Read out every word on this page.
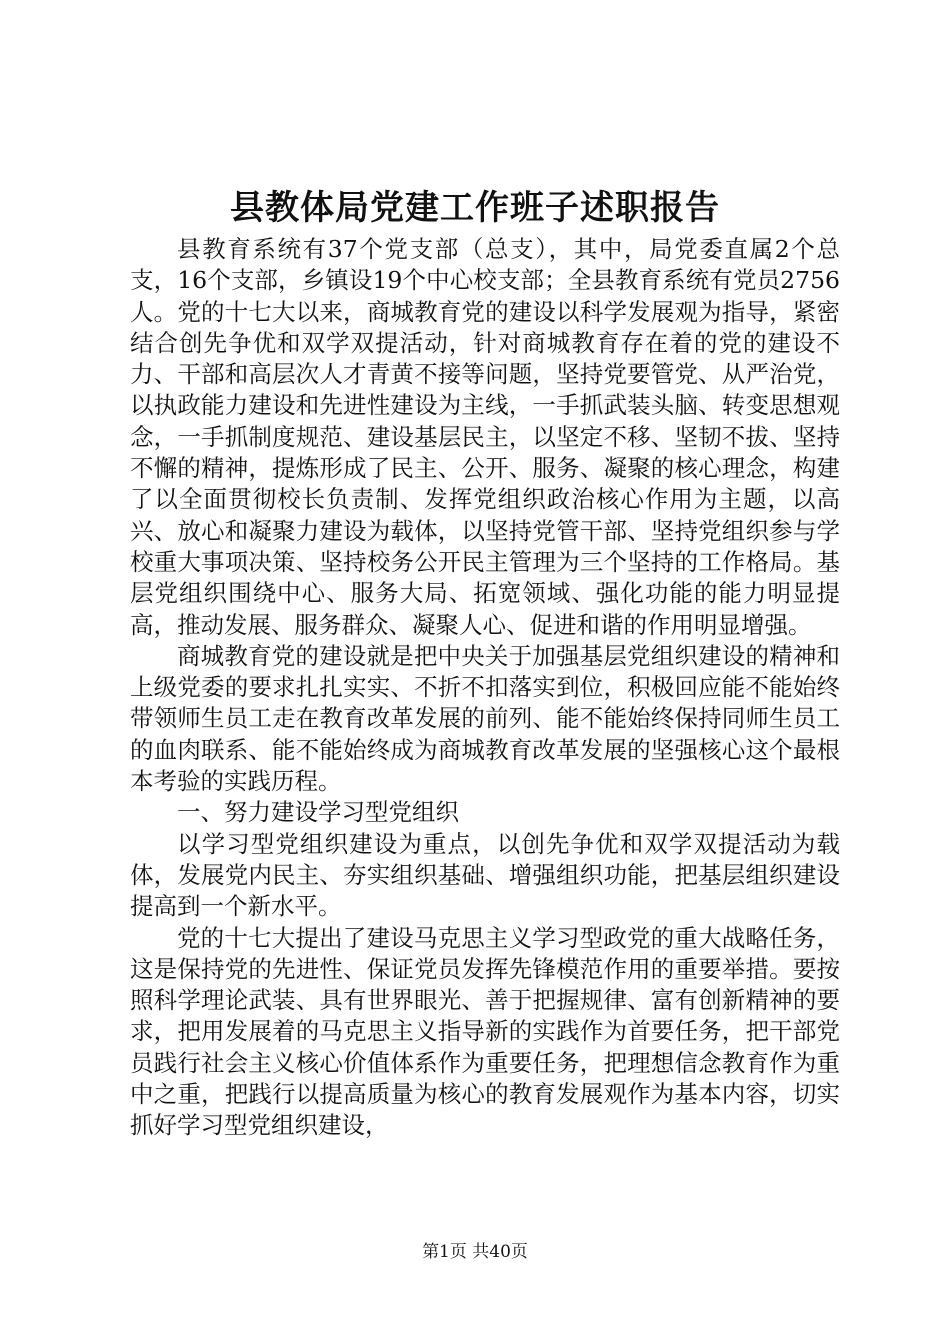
县教体局党建工作班子述职报告

县教育系统有37个党支部（总支），其中，局党委直属2个总支，16个支部，乡镇设19个中心校支部；全县教育系统有党员2756人。党的十七大以来，商城教育党的建设以科学发展观为指导，紧密结合创先争优和双学双提活动，针对商城教育存在着的党的建设不力、干部和高层次人才青黄不接等问题，坚持党要管党、从严治党，以执政能力建设和先进性建设为主线，一手抓武装头脑、转变思想观念，一手抓制度规范、建设基层民主，以坚定不移、坚韧不拔、坚持不懈的精神，提炼形成了民主、公开、服务、凝聚的核心理念，构建了以全面贯彻校长负责制、发挥党组织政治核心作用为主题，以高兴、放心和凝聚力建设为载体，以坚持党管干部、坚持党组织参与学校重大事项决策、坚持校务公开民主管理为三个坚持的工作格局。基层党组织围绕中心、服务大局、拓宽领域、强化功能的能力明显提高，推动发展、服务群众、凝聚人心、促进和谐的作用明显增强。

商城教育党的建设就是把中央关于加强基层党组织建设的精神和上级党委的要求扎扎实实、不折不扣落实到位，积极回应能不能始终带领师生员工走在教育改革发展的前列、能不能始终保持同师生员工的血肉联系、能不能始终成为商城教育改革发展的坚强核心这个最根本考验的实践历程。

一、努力建设学习型党组织

以学习型党组织建设为重点，以创先争优和双学双提活动为载体，发展党内民主、夯实组织基础、增强组织功能，把基层组织建设提高到一个新水平。

党的十七大提出了建设马克思主义学习型政党的重大战略任务，这是保持党的先进性、保证党员发挥先锋模范作用的重要举措。要按照科学理论武装、具有世界眼光、善于把握规律、富有创新精神的要求，把用发展着的马克思主义指导新的实践作为首要任务，把干部党员践行社会主义核心价值体系作为重要任务，把理想信念教育作为重中之重，把践行以提高质量为核心的教育发展观作为基本内容，切实抓好学习型党组织建设，

第1页 共40页
